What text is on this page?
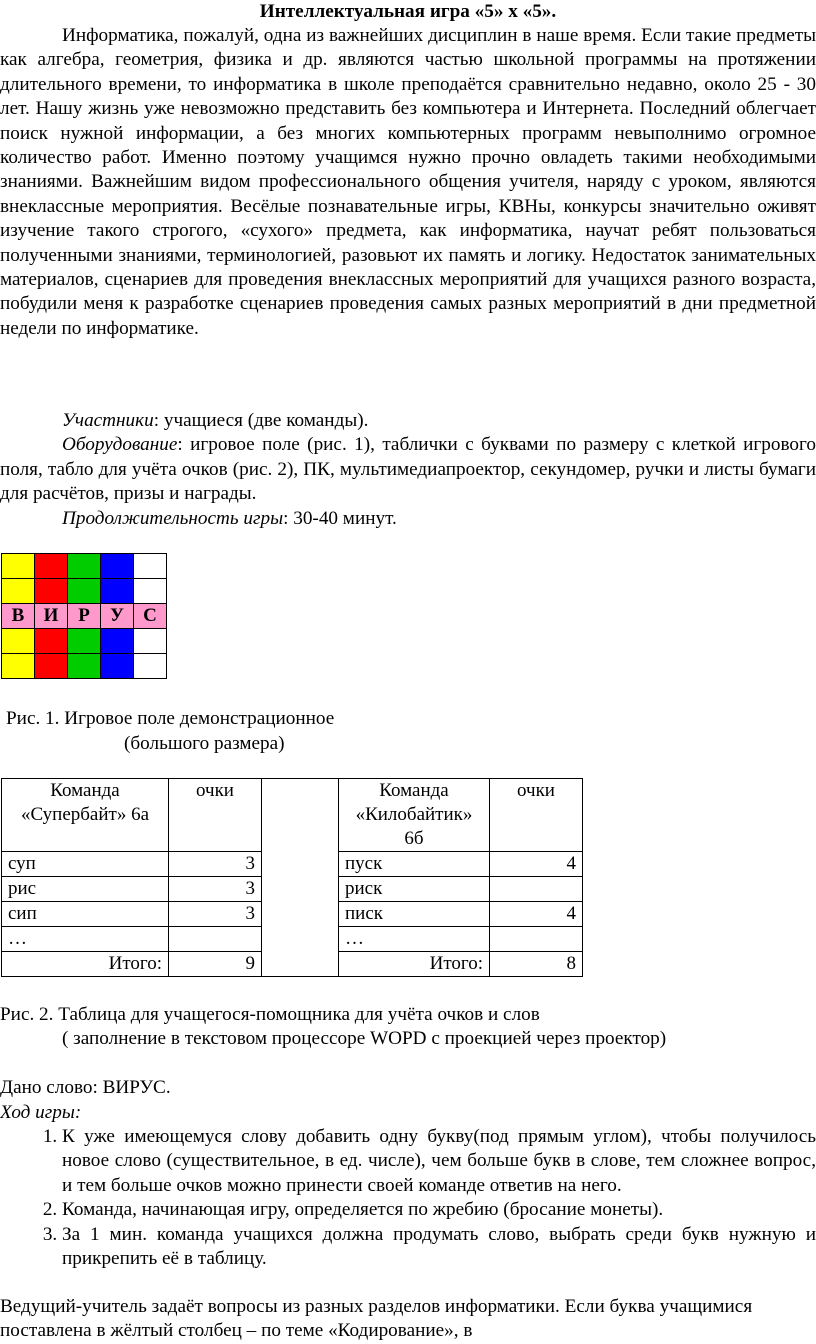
Интеллектуальная игра «5» х «5».

Информатика, пожалуй, одна из важнейших дисциплин в наше время. Если такие предметы как алгебра, геометрия, физика и др. являются частью школьной программы на протяжении длительного времени, то информатика в школе преподаётся сравнительно недавно, около 25 - 30 лет. Нашу жизнь уже невозможно представить без компьютера и Интернета. Последний облегчает поиск нужной информации, а без многих компьютерных программ невыполнимо огромное количество работ. Именно поэтому учащимся нужно прочно овладеть такими необходимыми знаниями. Важнейшим видом профессионального общения учителя, наряду с уроком, являются внеклассные мероприятия. Весёлые познавательные игры, КВНы, конкурсы значительно оживят изучение такого строгого, «сухого» предмета, как информатика, научат ребят пользоваться полученными знаниями, терминологией, разовьют их память и логику. Недостаток занимательных материалов, сценариев для проведения внеклассных мероприятий для учащихся разного возраста, побудили меня к разработке сценариев проведения самых разных мероприятий в дни предметной недели по информатике.

Участники: учащиеся (две команды).

Оборудование: игровое поле (рис. 1), таблички с буквами по размеру с клеткой игрового поля, табло для учёта очков (рис. 2), ПК, мультимедиапроектор, секундомер, ручки и листы бумаги для расчётов, призы и награды.

Продолжительность игры: 30-40 минут.

В	И	Р	У	С

Рис. 1. Игровое поле демонстрационное
(большого размера)
Команда «Супербайт» 6а	очки		Команда «Килобайтик» 6б	очки
суп	3		пуск	4
рис	3		риск	
сип	3		писк	4
…			…	
Итого:	9		Итого:	8
Рис. 2. Таблица для учащегося-помощника для учёта очков и слов
( заполнение в текстовом процессоре WOPD с проекцией через проектор)
Дано слово: ВИРУС.
Ход игры:
1. К уже имеющемуся слову добавить одну букву(под прямым углом), чтобы получилось новое слово (существительное, в ед. числе), чем больше букв в слове, тем сложнее вопрос, и тем больше очков можно принести своей команде ответив на него.
2. Команда, начинающая игру, определяется по жребию (бросание монеты).
3. За 1 мин. команда учащихся должна продумать слово, выбрать среди букв нужную и прикрепить её в таблицу.
Ведущий-учитель задаёт вопросы из разных разделов информатики. Если буква учащимися поставлена в жёлтый столбец – по теме «Кодирование», в
